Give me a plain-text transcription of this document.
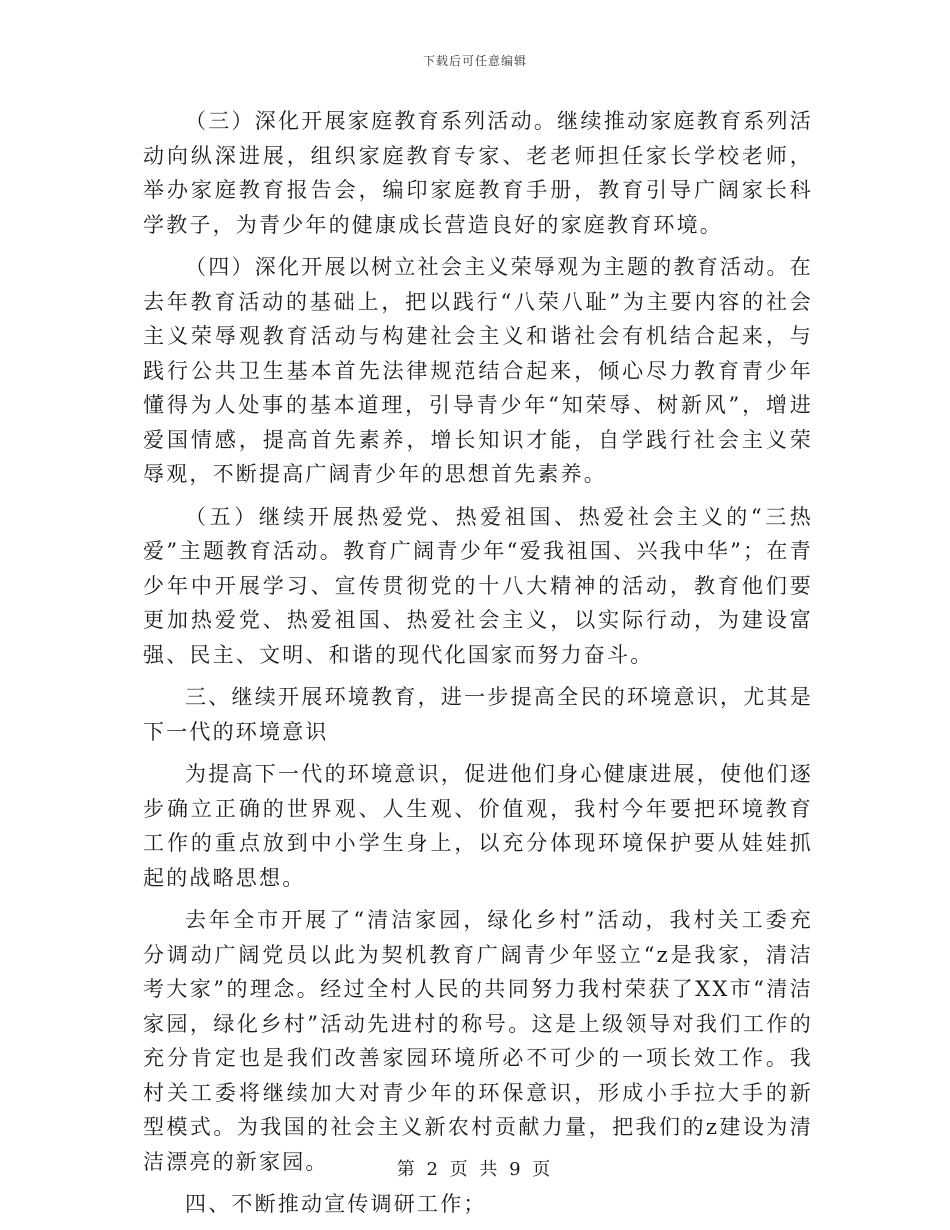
下载后可任意编辑

（三）深化开展家庭教育系列活动。继续推动家庭教育系列活动向纵深进展，组织家庭教育专家、老老师担任家长学校老师，举办家庭教育报告会，编印家庭教育手册，教育引导广阔家长科学教子，为青少年的健康成长营造良好的家庭教育环境。

（四）深化开展以树立社会主义荣辱观为主题的教育活动。在去年教育活动的基础上，把以践行“八荣八耻”为主要内容的社会主义荣辱观教育活动与构建社会主义和谐社会有机结合起来，与践行公共卫生基本首先法律规范结合起来，倾心尽力教育青少年懂得为人处事的基本道理，引导青少年“知荣辱、树新风”，增进爱国情感，提高首先素养，增长知识才能，自学践行社会主义荣辱观，不断提高广阔青少年的思想首先素养。

（五）继续开展热爱党、热爱祖国、热爱社会主义的“三热爱”主题教育活动。教育广阔青少年“爱我祖国、兴我中华”；在青少年中开展学习、宣传贯彻党的十八大精神的活动，教育他们要更加热爱党、热爱祖国、热爱社会主义，以实际行动，为建设富强、民主、文明、和谐的现代化国家而努力奋斗。

三、继续开展环境教育，进一步提高全民的环境意识，尤其是下一代的环境意识

为提高下一代的环境意识，促进他们身心健康进展，使他们逐步确立正确的世界观、人生观、价值观，我村今年要把环境教育工作的重点放到中小学生身上，以充分体现环境保护要从娃娃抓起的战略思想。

去年全市开展了“清洁家园，绿化乡村”活动，我村关工委充分调动广阔党员以此为契机教育广阔青少年竖立“z是我家，清洁考大家”的理念。经过全村人民的共同努力我村荣获了XX市“清洁家园，绿化乡村”活动先进村的称号。这是上级领导对我们工作的充分肯定也是我们改善家园环境所必不可少的一项长效工作。我村关工委将继续加大对青少年的环保意识，形成小手拉大手的新型模式。为我国的社会主义新农村贡献力量，把我们的z建设为清洁漂亮的新家园。

四、不断推动宣传调研工作；

第 2 页 共 9 页
